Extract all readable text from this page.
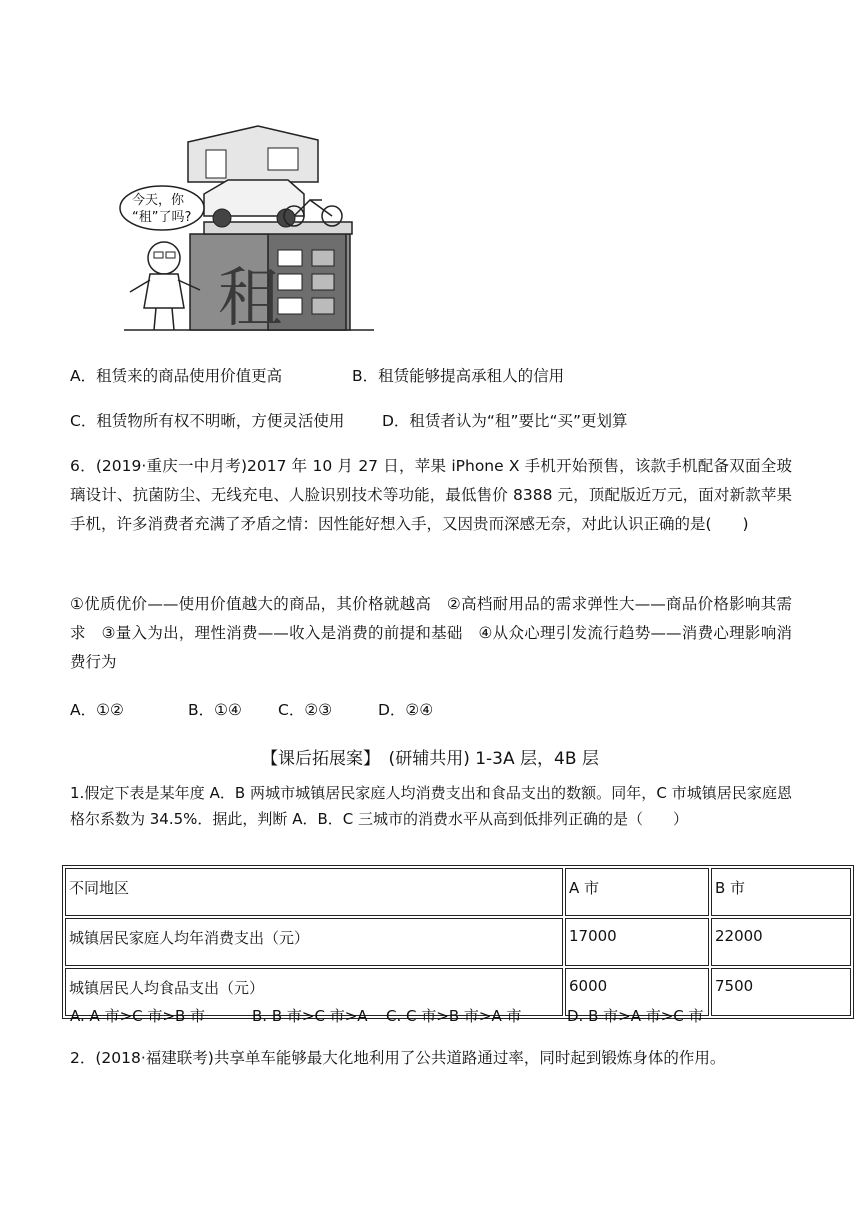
租
今天，你
“租”了吗?
A．租赁来的商品使用价值更高	B．租赁能够提高承租人的信用
C．租赁物所有权不明晰，方便灵活使用 D．租赁者认为“租”要比“买”更划算
6．(2019·重庆一中月考)2017 年 10 月 27 日，苹果 iPhone X 手机开始预售，该款手机配备双面全玻璃设计、抗菌防尘、无线充电、人脸识别技术等功能，最低售价 8388 元，顶配版近万元，面对新款苹果手机，许多消费者充满了矛盾之情：因性能好想入手，又因贵而深感无奈，对此认识正确的是(　　)
①优质优价——使用价值越大的商品，其价格就越高　②高档耐用品的需求弹性大——商品价格影响其需求　③量入为出，理性消费——收入是消费的前提和基础　④从众心理引发流行趋势——消费心理影响消费行为
A．①②	B．①④ C．②③	D．②④
【课后拓展案】　(研辅共用) 1-3A 层，4B 层
1.假定下表是某年度 A．B 两城市城镇居民家庭人均消费支出和食品支出的数额。同年，C 市城镇居民家庭恩格尔系数为 34.5%．据此，判断 A．B．C 三城市的消费水平从高到低排列正确的是（　　）
不同地区	A 市	B 市
城镇居民家庭人均年消费支出（元）	17000	22000
城镇居民人均食品支出（元）	6000	7500
A. A 市>C 市>B 市	B. B 市>C 市>A C. C 市>B 市>A 市	D. B 市>A 市>C 市
2．(2018·福建联考)共享单车能够最大化地利用了公共道路通过率，同时起到锻炼身体的作用。
